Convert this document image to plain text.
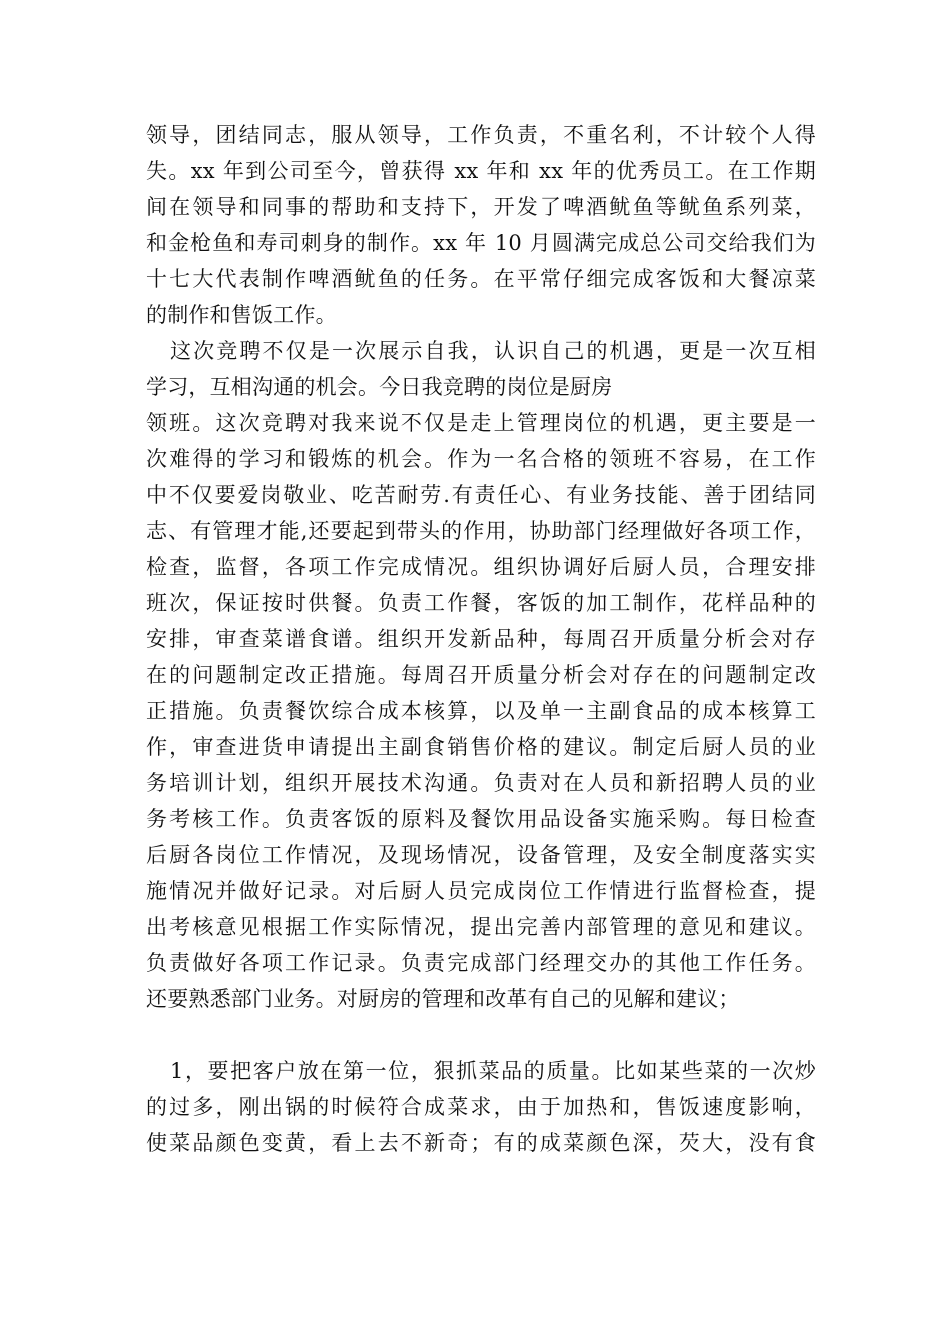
领导，团结同志，服从领导，工作负责，不重名利，不计较个人得
失。xx 年到公司至今，曾获得 xx 年和 xx 年的优秀员工。在工作期
间在领导和同事的帮助和支持下，开发了啤酒鱿鱼等鱿鱼系列菜，
和金枪鱼和寿司刺身的制作。xx 年 10 月圆满完成总公司交给我们为
十七大代表制作啤酒鱿鱼的任务。在平常仔细完成客饭和大餐凉菜
的制作和售饭工作。
这次竞聘不仅是一次展示自我，认识自己的机遇，更是一次互相
学习，互相沟通的机会。今日我竞聘的岗位是厨房
领班。这次竞聘对我来说不仅是走上管理岗位的机遇，更主要是一
次难得的学习和锻炼的机会。作为一名合格的领班不容易，在工作
中不仅要爱岗敬业、吃苦耐劳.有责任心、有业务技能、善于团结同
志、有管理才能,还要起到带头的作用，协助部门经理做好各项工作，
检查，监督，各项工作完成情况。组织协调好后厨人员，合理安排
班次，保证按时供餐。负责工作餐，客饭的加工制作，花样品种的
安排，审查菜谱食谱。组织开发新品种，每周召开质量分析会对存
在的问题制定改正措施。每周召开质量分析会对存在的问题制定改
正措施。负责餐饮综合成本核算，以及单一主副食品的成本核算工
作，审查进货申请提出主副食销售价格的建议。制定后厨人员的业
务培训计划，组织开展技术沟通。负责对在人员和新招聘人员的业
务考核工作。负责客饭的原料及餐饮用品设备实施采购。每日检查
后厨各岗位工作情况，及现场情况，设备管理，及安全制度落实实
施情况并做好记录。对后厨人员完成岗位工作情进行监督检查，提
出考核意见根据工作实际情况，提出完善内部管理的意见和建议。
负责做好各项工作记录。负责完成部门经理交办的其他工作任务。
还要熟悉部门业务。对厨房的管理和改革有自己的见解和建议；
1，要把客户放在第一位，狠抓菜品的质量。比如某些菜的一次炒
的过多，刚出锅的时候符合成菜求，由于加热和，售饭速度影响，
使菜品颜色变黄，看上去不新奇；有的成菜颜色深，芡大，没有食
